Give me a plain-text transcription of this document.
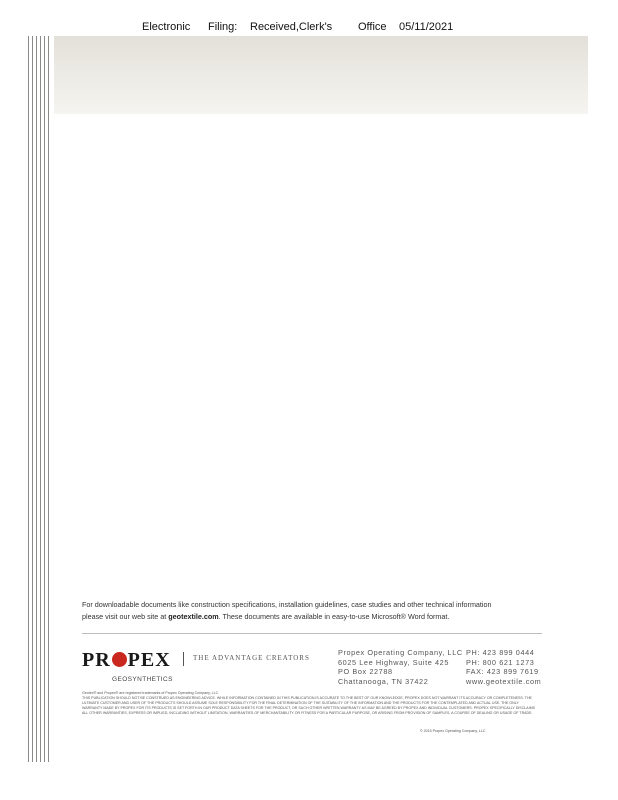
Electronic Filing: Received,Clerk's Office 05/11/2021
For downloadable documents like construction specifications, installation guidelines, case studies and other technical information
please visit our web site at geotextile.com. These documents are available in easy-to-use Microsoft® Word format.
PR PEX
GEOSYNTHETICS
THE ADVANTAGE CREATORS
Propex Operating Company, LLC
6025 Lee Highway, Suite 425
PO Box 22788
Chattanooga, TN 37422
PH: 423 899 0444
PH: 800 621 1273
FAX: 423 899 7619
www.geotextile.com

Geotex® and Propex® are registered trademarks of Propex Operating Company, LLC.

THIS PUBLICATION SHOULD NOT BE CONSTRUED AS ENGINEERING ADVICE. WHILE INFORMATION CONTAINED IN THIS PUBLICATION IS ACCURATE TO THE BEST OF OUR KNOWLEDGE, PROPEX DOES NOT WARRANT ITS ACCURACY OR COMPLETENESS. THE ULTIMATE CUSTOMER AND USER OF THE PRODUCTS SHOULD ASSUME SOLE RESPONSIBILITY FOR THE FINAL DETERMINATION OF THE SUITABILITY OF THE INFORMATION AND THE PRODUCTS FOR THE CONTEMPLATED AND ACTUAL USE. THE ONLY WARRANTY MADE BY PROPEX FOR ITS PRODUCTS IS SET FORTH IN OUR PRODUCT DATA SHEETS FOR THE PRODUCT, OR SUCH OTHER WRITTEN WARRANTY AS MAY BE AGREED BY PROPEX AND INDIVIDUAL CUSTOMERS. PROPEX SPECIFICALLY DISCLAIMS ALL OTHER WARRANTIES, EXPRESS OR IMPLIED, INCLUDING WITHOUT LIMITATION, WARRANTIES OF MERCHANTABILITY OR FITNESS FOR A PARTICULAR PURPOSE, OR ARISING FROM PROVISION OF SAMPLES, A COURSE OF DEALING OR USAGE OF TRADE.

© 2015 Propex Operating Company, LLC
